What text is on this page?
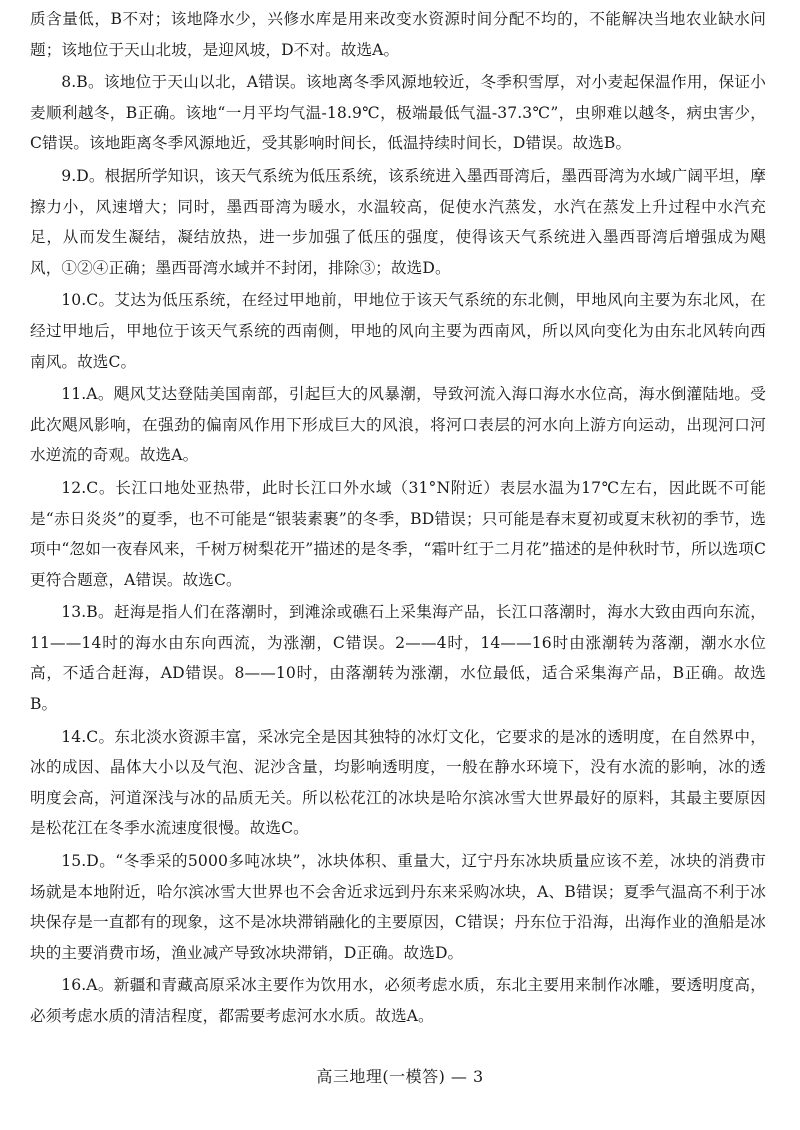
质含量低，B不对；该地降水少，兴修水库是用来改变水资源时间分配不均的，不能解决当地农业缺水问题；该地位于天山北坡，是迎风坡，D不对。故选A。

8.B。该地位于天山以北，A错误。该地离冬季风源地较近，冬季积雪厚，对小麦起保温作用，保证小麦顺利越冬，B正确。该地“一月平均气温-18.9℃，极端最低气温-37.3℃”，虫卵难以越冬，病虫害少，C错误。该地距离冬季风源地近，受其影响时间长，低温持续时间长，D错误。故选B。

9.D。根据所学知识，该天气系统为低压系统，该系统进入墨西哥湾后，墨西哥湾为水域广阔平坦，摩擦力小，风速增大；同时，墨西哥湾为暖水，水温较高，促使水汽蒸发，水汽在蒸发上升过程中水汽充足，从而发生凝结，凝结放热，进一步加强了低压的强度，使得该天气系统进入墨西哥湾后增强成为飓风，①②④正确；墨西哥湾水域并不封闭，排除③；故选D。

10.C。艾达为低压系统，在经过甲地前，甲地位于该天气系统的东北侧，甲地风向主要为东北风，在经过甲地后，甲地位于该天气系统的西南侧，甲地的风向主要为西南风，所以风向变化为由东北风转向西南风。故选C。

11.A。飓风艾达登陆美国南部，引起巨大的风暴潮，导致河流入海口海水水位高，海水倒灌陆地。受此次飓风影响，在强劲的偏南风作用下形成巨大的风浪，将河口表层的河水向上游方向运动，出现河口河水逆流的奇观。故选A。

12.C。长江口地处亚热带，此时长江口外水域（31°N附近）表层水温为17℃左右，因此既不可能是“赤日炎炎”的夏季，也不可能是“银装素裹”的冬季，BD错误；只可能是春末夏初或夏末秋初的季节，选项中“忽如一夜春风来，千树万树梨花开”描述的是冬季，“霜叶红于二月花”描述的是仲秋时节，所以选项C更符合题意，A错误。故选C。

13.B。赶海是指人们在落潮时，到滩涂或礁石上采集海产品，长江口落潮时，海水大致由西向东流，11——14时的海水由东向西流，为涨潮，C错误。2——4时，14——16时由涨潮转为落潮，潮水水位高，不适合赶海，AD错误。8——10时，由落潮转为涨潮，水位最低，适合采集海产品，B正确。故选B。

14.C。东北淡水资源丰富，采冰完全是因其独特的冰灯文化，它要求的是冰的透明度，在自然界中，冰的成因、晶体大小以及气泡、泥沙含量，均影响透明度，一般在静水环境下，没有水流的影响，冰的透明度会高，河道深浅与冰的品质无关。所以松花江的冰块是哈尔滨冰雪大世界最好的原料，其最主要原因是松花江在冬季水流速度很慢。故选C。

15.D。“冬季采的5000多吨冰块”，冰块体积、重量大，辽宁丹东冰块质量应该不差，冰块的消费市场就是本地附近，哈尔滨冰雪大世界也不会舍近求远到丹东来采购冰块，A、B错误；夏季气温高不利于冰块保存是一直都有的现象，这不是冰块滞销融化的主要原因，C错误；丹东位于沿海，出海作业的渔船是冰块的主要消费市场，渔业减产导致冰块滞销，D正确。故选D。

16.A。新疆和青藏高原采冰主要作为饮用水，必须考虑水质，东北主要用来制作冰雕，要透明度高，必须考虑水质的清洁程度，都需要考虑河水水质。故选A。

高三地理(一模答) — 3
